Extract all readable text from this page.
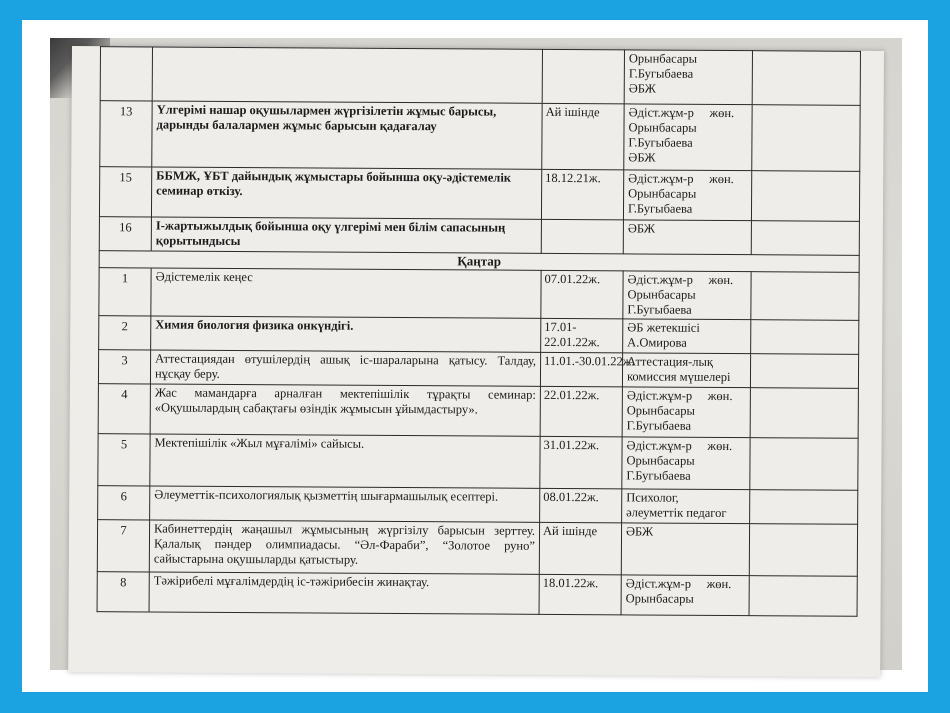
			Орынбасары
Г.Бугыбаева
ӘБЖ	

13	Үлгерімі нашар оқушылармен жүргізілетін жұмыс барысы, дарынды балалармен жұмыс барысын қадағалау	Ай ішінде	Әдіст.жұм-р     жөн.
Орынбасары
Г.Бугыбаева
ӘБЖ	

15	ББМЖ, ҰБТ дайындық жұмыстары бойынша оқу-әдістемелік семинар өткізу.	18.12.21ж.	Әдіст.жұм-р     жөн.
Орынбасары
Г.Бугыбаева	

16	І-жартыжылдық бойынша оқу үлгерімі мен білім сапасының қорытындысы		ӘБЖ	

Қаңтар				
1	Әдістемелік кеңес	07.01.22ж.	Әдіст.жұм-р     жөн.
Орынбасары
Г.Бугыбаева	

2	Химия биология физика онкүндігі.	17.01-22.01.22ж.	ӘБ жетекшісі
А.Омирова	

3	Аттестациядан өтушілердің ашық іс-шараларына қатысу. Талдау, нұсқау беру.	11.01.-30.01.22ж.	Аттестация-лық
комиссия мүшелері	

4	Жас мамандарға арналған мектепішілік тұрақты семинар: «Оқушылардың сабақтағы өзіндік жұмысын ұйымдастыру».	22.01.22ж.	Әдіст.жұм-р     жөн.
Орынбасары
Г.Бугыбаева	

5	Мектепішілік «Жыл мұғалімі» сайысы.	31.01.22ж.	Әдіст.жұм-р     жөн.
Орынбасары
Г.Бугыбаева	

6	Әлеуметтік-психологиялық қызметтің шығармашылық есептері.	08.01.22ж.	Психолог,
әлеуметтік педагог	

7	Кабинеттердің жаңашыл жұмысының жүргізілу барысын зерттеу. Қалалық пәндер олимпиадасы. “Әл-Фараби”, “Золотое руно” сайыстарына оқушыларды қатыстыру.	Ай ішінде	ӘБЖ	

8	Тәжірибелі мұғалімдердің іс-тәжірибесін жинақтау.	18.01.22ж.	Әдіст.жұм-р     жөн.
Орынбасары	
